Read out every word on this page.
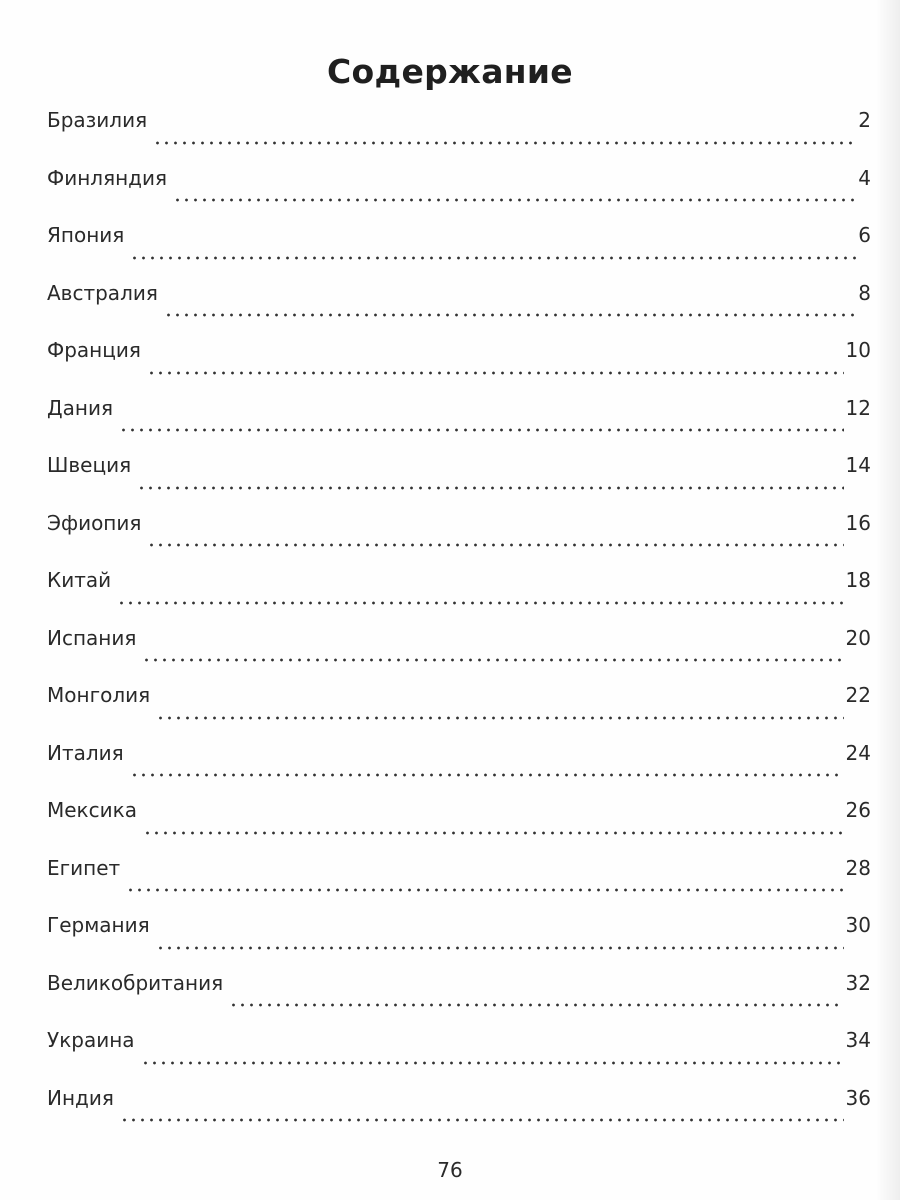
Содержание
Бразилия	2
Финляндия	4
Япония	6
Австралия	8
Франция	10
Дания	12
Швеция	14
Эфиопия	16
Китай	18
Испания	20
Монголия	22
Италия	24
Мексика	26
Египет	28
Германия	30
Великобритания	32
Украина	34
Индия	36
76
